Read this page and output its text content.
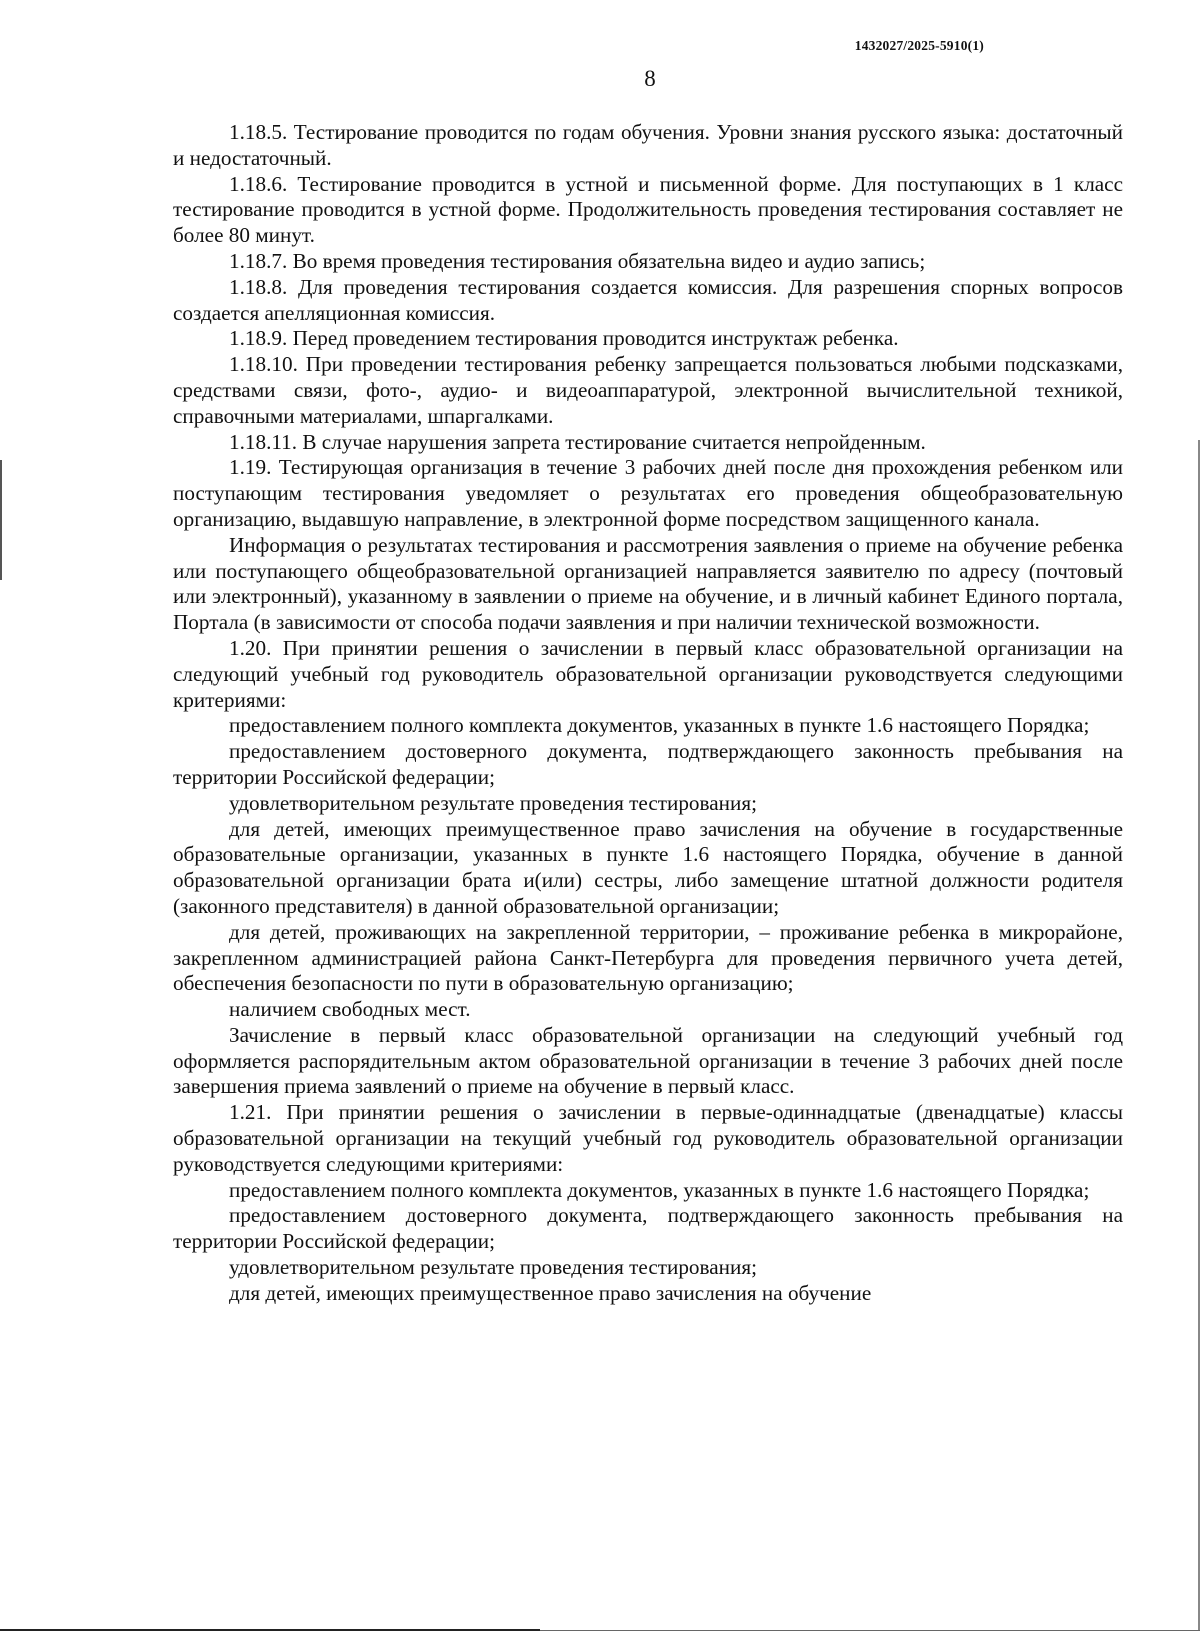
1432027/2025-5910(1)
8

1.18.5. Тестирование проводится по годам обучения. Уровни знания русского языка: достаточный и недостаточный.

1.18.6. Тестирование проводится в устной и письменной форме. Для поступающих в 1 класс тестирование проводится в устной форме. Продолжительность проведения тестирования составляет не более 80 минут.

1.18.7. Во время проведения тестирования обязательна видео и аудио запись;

1.18.8. Для проведения тестирования создается комиссия. Для разрешения спорных вопросов создается апелляционная комиссия.

1.18.9. Перед проведением тестирования проводится инструктаж ребенка.

1.18.10. При проведении тестирования ребенку запрещается пользоваться любыми подсказками, средствами связи, фото-, аудио- и видеоаппаратурой, электронной вычислительной техникой, справочными материалами, шпаргалками.

1.18.11. В случае нарушения запрета тестирование считается непройденным.

1.19. Тестирующая организация в течение 3 рабочих дней после дня прохождения ребенком или поступающим тестирования уведомляет о результатах его проведения общеобразовательную организацию, выдавшую направление, в электронной форме посредством защищенного канала.

Информация о результатах тестирования и рассмотрения заявления о приеме на обучение ребенка или поступающего общеобразовательной организацией направляется заявителю по адресу (почтовый или электронный), указанному в заявлении о приеме на обучение, и в личный кабинет Единого портала, Портала (в зависимости от способа подачи заявления и при наличии технической возможности.

1.20. При принятии решения о зачислении в первый класс образовательной организации на следующий учебный год руководитель образовательной организации руководствуется следующими критериями:

предоставлением полного комплекта документов, указанных в пункте 1.6 настоящего Порядка;

предоставлением достоверного документа, подтверждающего законность пребывания на территории Российской федерации;

удовлетворительном результате проведения тестирования;

для детей, имеющих преимущественное право зачисления на обучение в государственные образовательные организации, указанных в пункте 1.6 настоящего Порядка, обучение в данной образовательной организации брата и(или) сестры, либо замещение штатной должности родителя (законного представителя) в данной образовательной организации;

для детей, проживающих на закрепленной территории, – проживание ребенка в микрорайоне, закрепленном администрацией района Санкт-Петербурга для проведения первичного учета детей, обеспечения безопасности по пути в образовательную организацию;

наличием свободных мест.

Зачисление в первый класс образовательной организации на следующий учебный год оформляется распорядительным актом образовательной организации в течение 3 рабочих дней после завершения приема заявлений о приеме на обучение в первый класс.

1.21. При принятии решения о зачислении в первые-одиннадцатые (двенадцатые) классы образовательной организации на текущий учебный год руководитель образовательной организации руководствуется следующими критериями:

предоставлением полного комплекта документов, указанных в пункте 1.6 настоящего Порядка;

предоставлением достоверного документа, подтверждающего законность пребывания на территории Российской федерации;

удовлетворительном результате проведения тестирования;

для детей, имеющих преимущественное право зачисления на обучение
